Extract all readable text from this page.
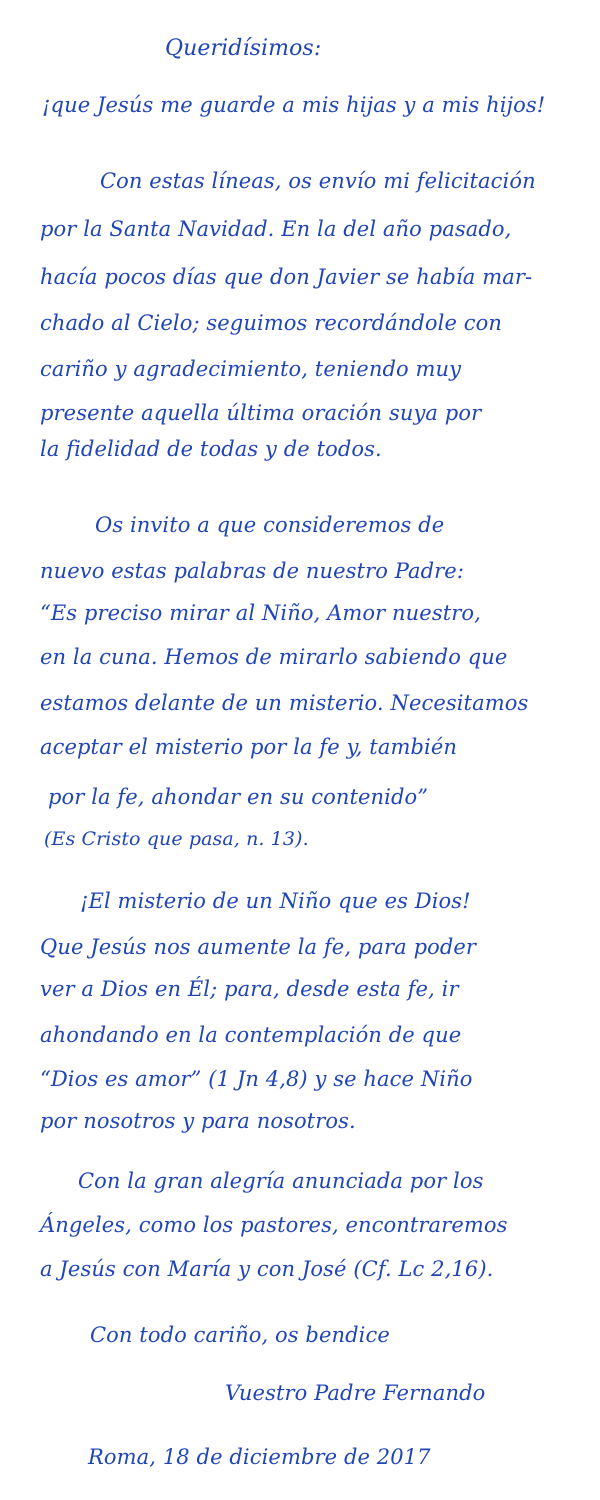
Queridísimos:
¡que Jesús me guarde a mis hijas y a mis hijos!
Con estas líneas, os envío mi felicitación
por la Santa Navidad. En la del año pasado,
hacía pocos días que don Javier se había mar-
chado al Cielo; seguimos recordándole con
cariño y agradecimiento, teniendo muy
presente aquella última oración suya por
la fidelidad de todas y de todos.
Os invito a que consideremos de
nuevo estas palabras de nuestro Padre:
“Es preciso mirar al Niño, Amor nuestro,
en la cuna. Hemos de mirarlo sabiendo que
estamos delante de un misterio. Necesitamos
aceptar el misterio por la fe y, también
por la fe, ahondar en su contenido”
(Es Cristo que pasa, n. 13).
¡El misterio de un Niño que es Dios!
Que Jesús nos aumente la fe, para poder
ver a Dios en Él; para, desde esta fe, ir
ahondando en la contemplación de que
“Dios es amor” (1 Jn 4,8) y se hace Niño
por nosotros y para nosotros.
Con la gran alegría anunciada por los
Ángeles, como los pastores, encontraremos
a Jesús con María y con José (Cf. Lc 2,16).
Con todo cariño, os bendice
Vuestro Padre Fernando
Roma, 18 de diciembre de 2017
